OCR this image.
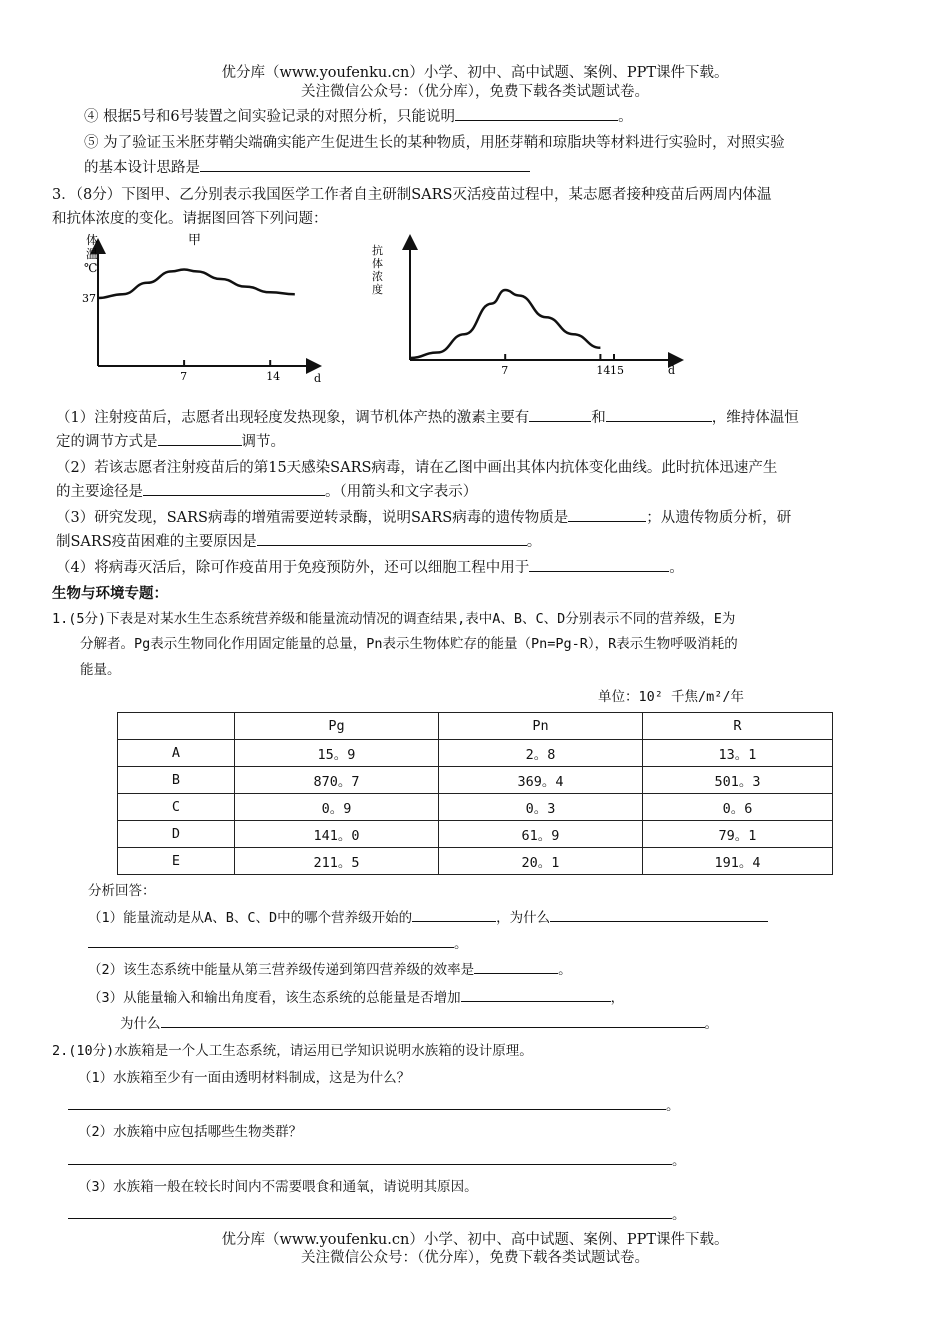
优分库（www.youfenku.cn）小学、初中、高中试题、案例、PPT课件下载。
关注微信公众号：（优分库），免费下载各类试题试卷。
④ 根据5号和6号装置之间实验记录的对照分析，只能说明	。
⑤ 为了验证玉米胚芽鞘尖端确实能产生促进生长的某种物质，用胚芽鞘和琼脂块等材料进行实验时，对照实验
的基本设计思路是
3．（8分）下图甲、乙分别表示我国医学工作者自主研制SARS灭活疫苗过程中，某志愿者接种疫苗后两周内体温
和抗体浓度的变化。请据图回答下列问题：
体
温
℃
甲
37
7	14	d
抗
体
浓
度
7	14 15	d
（1）注射疫苗后，志愿者出现轻度发热现象，调节机体产热的激素主要有	和	，维持体温恒
定的调节方式是	调节。
（2）若该志愿者注射疫苗后的第15天感染SARS病毒，请在乙图中画出其体内抗体变化曲线。此时抗体迅速产生
的主要途径是	。（用箭头和文字表示）
（3）研究发现，SARS病毒的增殖需要逆转录酶，说明SARS病毒的遗传物质是	；从遗传物质分析，研
制SARS疫苗困难的主要原因是	。
（4）将病毒灭活后，除可作疫苗用于免疫预防外，还可以细胞工程中用于	。
生物与环境专题：
1.(5分)下表是对某水生生态系统营养级和能量流动情况的调查结果,表中A、B、C、D分别表示不同的营养级，E为
分解者。Pg表示生物同化作用固定能量的总量，Pn表示生物体贮存的能量（Pn=Pg-R），R表示生物呼吸消耗的
能量。
单位：10² 千焦/m²/年
	Pg	Pn	R
A	15。9	2。8	13。1
B	870。7	369。4	501。3
C	0。9	0。3	0。6
D	141。0	61。9	79。1
E	211。5	20。1	191。4
分析回答：
（1）能量流动是从A、B、C、D中的哪个营养级开始的	，为什么
。
（2）该生态系统中能量从第三营养级传递到第四营养级的效率是	。
（3）从能量输入和输出角度看，该生态系统的总能量是否增加	，
为什么	。
2.(10分)水族箱是一个人工生态系统，请运用已学知识说明水族箱的设计原理。
（1）水族箱至少有一面由透明材料制成，这是为什么？
。
（2）水族箱中应包括哪些生物类群？
。
（3）水族箱一般在较长时间内不需要喂食和通氧，请说明其原因。
。
优分库（www.youfenku.cn）小学、初中、高中试题、案例、PPT课件下载。
关注微信公众号：（优分库），免费下载各类试题试卷。
